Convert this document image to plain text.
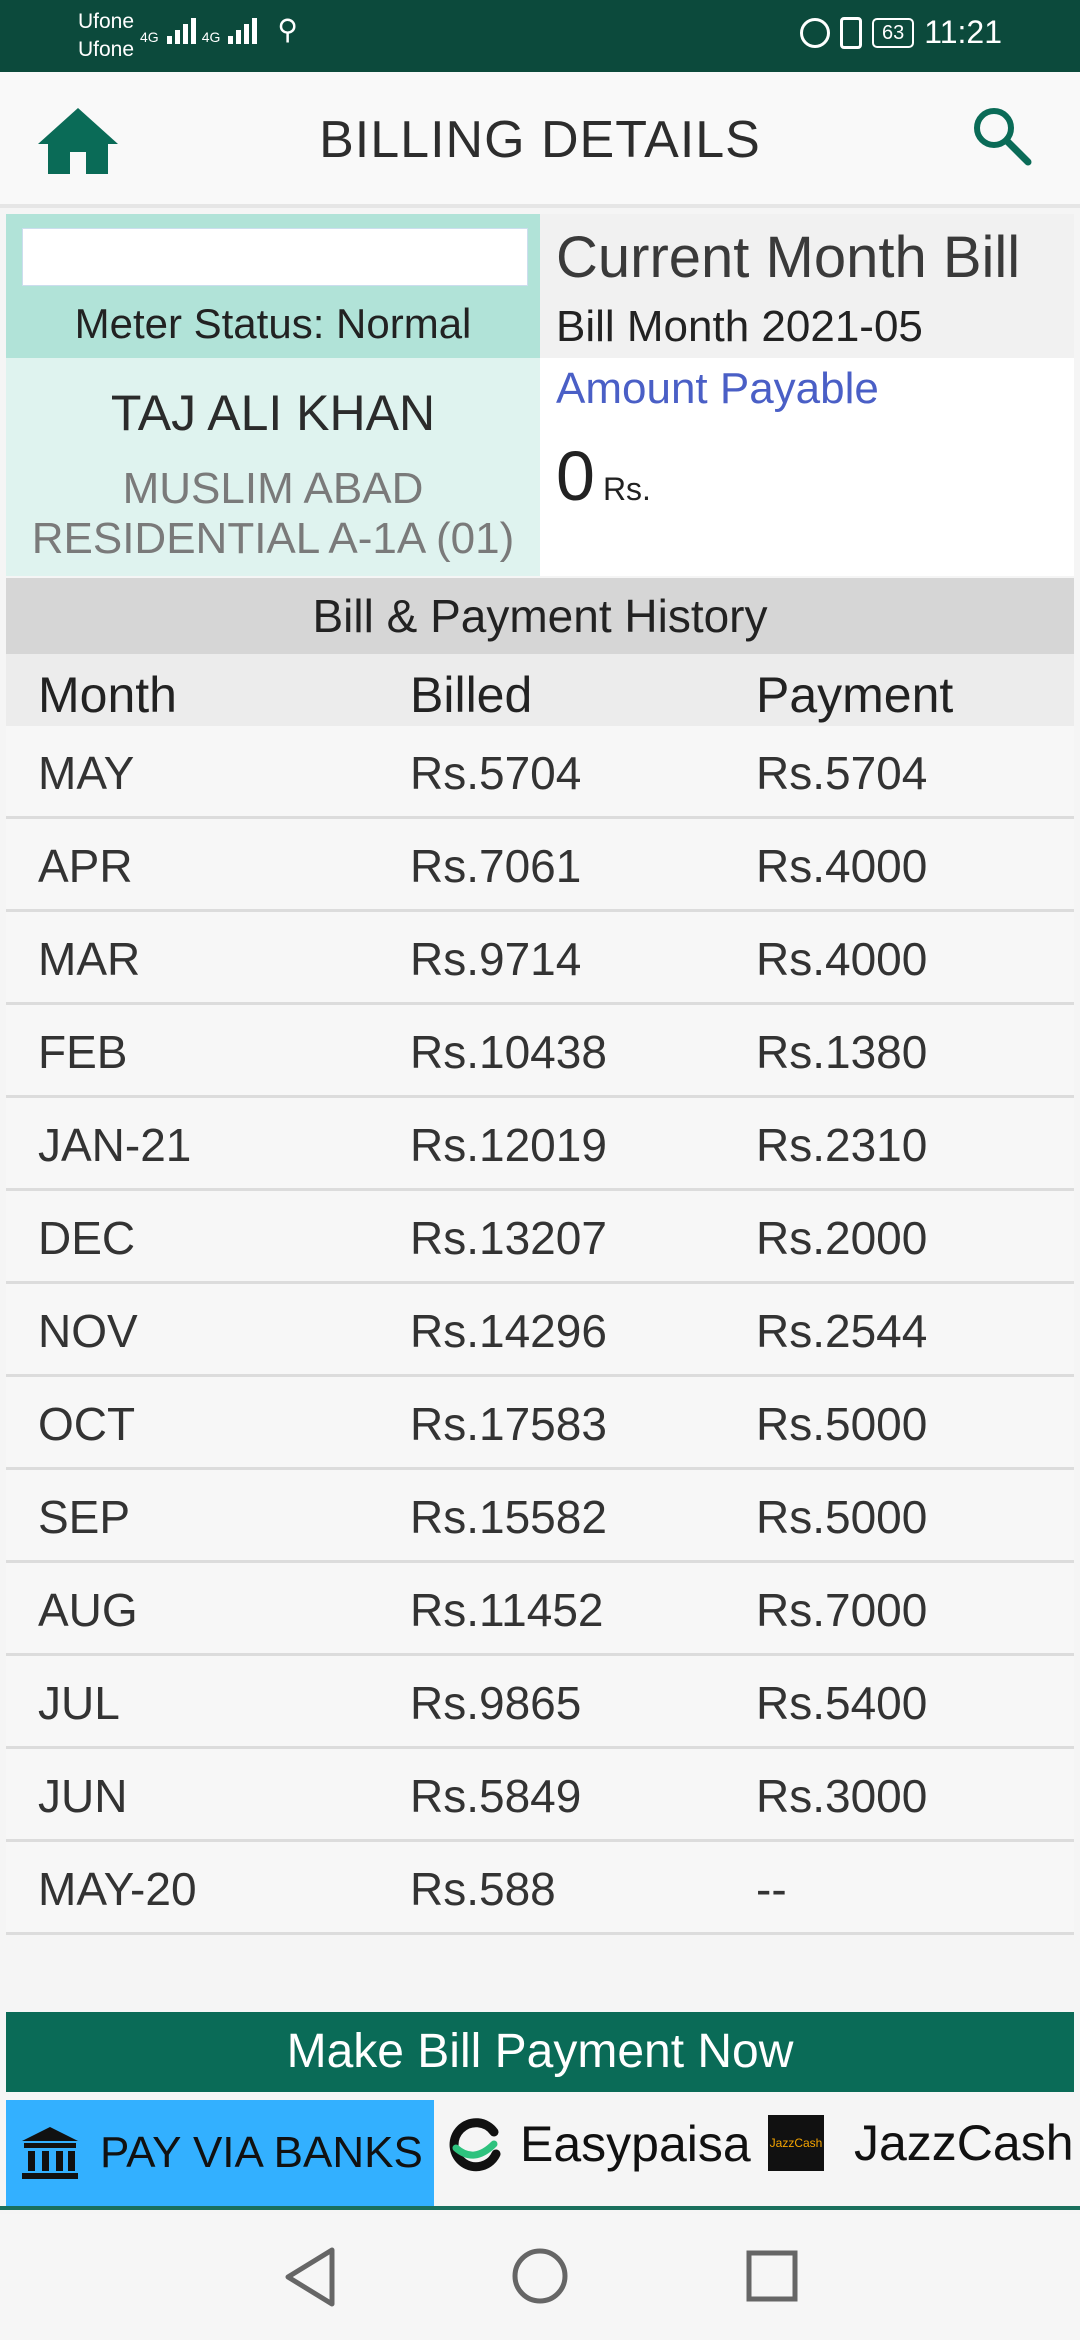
Ufone
Ufone
4G	4G ⚲	63 11:21
BILLING DETAILS
Meter Status: Normal
TAJ ALI KHAN
MUSLIM ABAD
RESIDENTIAL A-1A (01)
Current Month Bill
Bill Month 2021-05
Amount Payable
0 Rs.
Bill & Payment History
Month	Billed	Payment
MAY	Rs.5704	Rs.5704
APR	Rs.7061	Rs.4000
MAR	Rs.9714	Rs.4000
FEB	Rs.10438	Rs.1380
JAN-21	Rs.12019	Rs.2310
DEC	Rs.13207	Rs.2000
NOV	Rs.14296	Rs.2544
OCT	Rs.17583	Rs.5000
SEP	Rs.15582	Rs.5000
AUG	Rs.11452	Rs.7000
JUL	Rs.9865	Rs.5400
JUN	Rs.5849	Rs.3000
MAY-20	Rs.588	--
Make Bill Payment Now
PAY VIA BANKS Easypaisa JazzCash JazzCash
